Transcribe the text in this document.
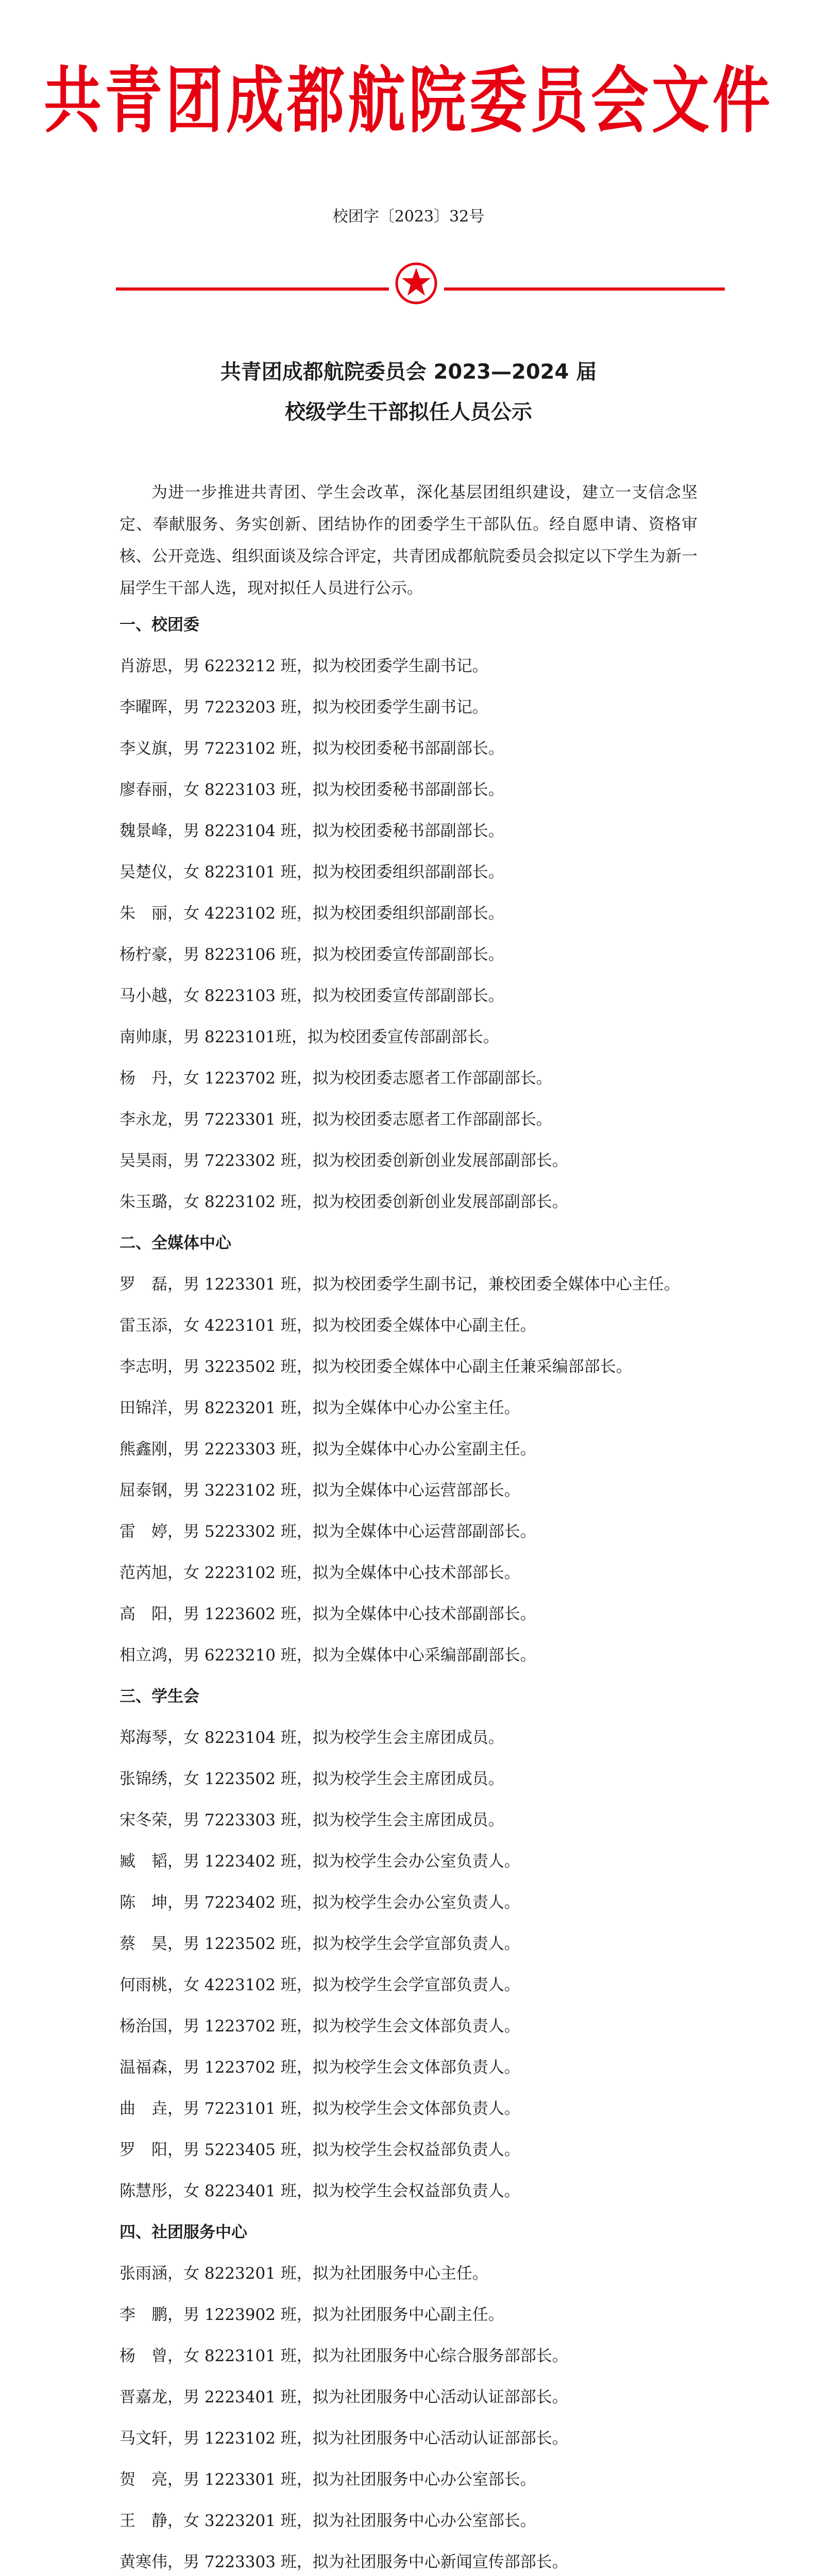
共青团成都航院委员会文件
校团字〔2023〕32号
共青团成都航院委员会 2023—2024 届
校级学生干部拟任人员公示

为进一步推进共青团、学生会改革，深化基层团组织建设，建立一支信念坚定、奉献服务、务实创新、团结协作的团委学生干部队伍。经自愿申请、资格审核、公开竞选、组织面谈及综合评定，共青团成都航院委员会拟定以下学生为新一届学生干部人选，现对拟任人员进行公示。

一、校团委

肖游思，男 6223212 班，拟为校团委学生副书记。

李曜晖，男 7223203 班，拟为校团委学生副书记。

李义旗，男 7223102 班，拟为校团委秘书部副部长。

廖春丽，女 8223103 班，拟为校团委秘书部副部长。

魏景峰，男 8223104 班，拟为校团委秘书部副部长。

吴楚仪，女 8223101 班，拟为校团委组织部副部长。

朱　丽，女 4223102 班，拟为校团委组织部副部长。

杨柠豪，男 8223106 班，拟为校团委宣传部副部长。

马小越，女 8223103 班，拟为校团委宣传部副部长。

南帅康，男 8223101班，拟为校团委宣传部副部长。

杨　丹，女 1223702 班，拟为校团委志愿者工作部副部长。

李永龙，男 7223301 班，拟为校团委志愿者工作部副部长。

吴昊雨，男 7223302 班，拟为校团委创新创业发展部副部长。

朱玉璐，女 8223102 班，拟为校团委创新创业发展部副部长。

二、全媒体中心

罗　磊，男 1223301 班，拟为校团委学生副书记，兼校团委全媒体中心主任。

雷玉添，女 4223101 班，拟为校团委全媒体中心副主任。

李志明，男 3223502 班，拟为校团委全媒体中心副主任兼采编部部长。

田锦洋，男 8223201 班，拟为全媒体中心办公室主任。

熊鑫刚，男 2223303 班，拟为全媒体中心办公室副主任。

屈泰钢，男 3223102 班，拟为全媒体中心运营部部长。

雷　婷，男 5223302 班，拟为全媒体中心运营部副部长。

范芮旭，女 2223102 班，拟为全媒体中心技术部部长。

高　阳，男 1223602 班，拟为全媒体中心技术部副部长。

相立鸿，男 6223210 班，拟为全媒体中心采编部副部长。

三、学生会

郑海琴，女 8223104 班，拟为校学生会主席团成员。

张锦绣，女 1223502 班，拟为校学生会主席团成员。

宋冬荣，男 7223303 班，拟为校学生会主席团成员。

臧　韬，男 1223402 班，拟为校学生会办公室负责人。

陈　坤，男 7223402 班，拟为校学生会办公室负责人。

蔡　昊，男 1223502 班，拟为校学生会学宣部负责人。

何雨桃，女 4223102 班，拟为校学生会学宣部负责人。

杨治国，男 1223702 班，拟为校学生会文体部负责人。

温福森，男 1223702 班，拟为校学生会文体部负责人。

曲　垚，男 7223101 班，拟为校学生会文体部负责人。

罗　阳，男 5223405 班，拟为校学生会权益部负责人。

陈慧彤，女 8223401 班，拟为校学生会权益部负责人。

四、社团服务中心

张雨涵，女 8223201 班，拟为社团服务中心主任。

李　鹏，男 1223902 班，拟为社团服务中心副主任。

杨　曾，女 8223101 班，拟为社团服务中心综合服务部部长。

晋嘉龙，男 2223401 班，拟为社团服务中心活动认证部部长。

马文轩，男 1223102 班，拟为社团服务中心活动认证部部长。

贺　亮，男 1223301 班，拟为社团服务中心办公室部长。

王　静，女 3223201 班，拟为社团服务中心办公室部长。

黄寒伟，男 7223303 班，拟为社团服务中心新闻宣传部部长。
